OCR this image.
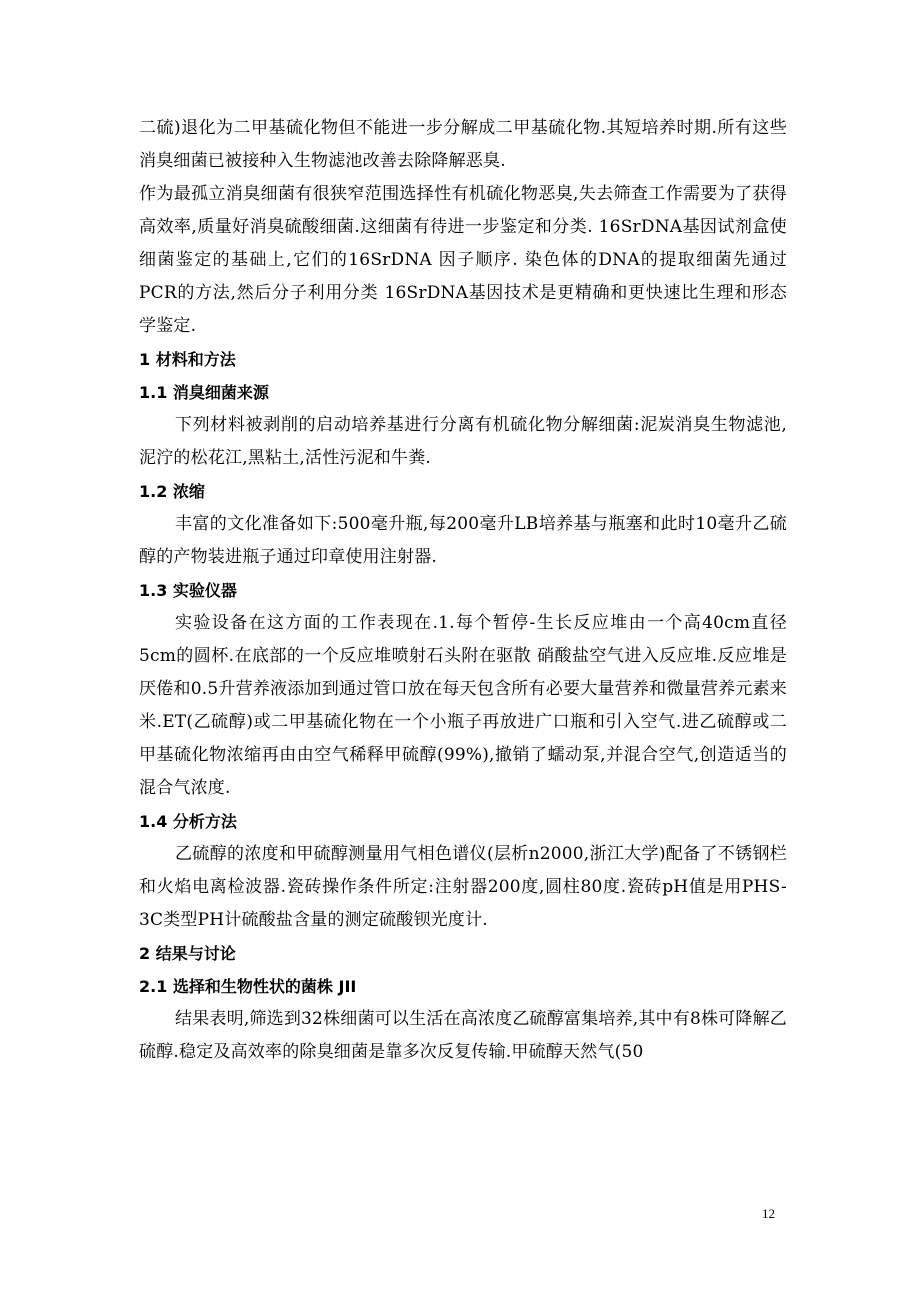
二硫)退化为二甲基硫化物但不能进一步分解成二甲基硫化物.其短培养时期.所有这些消臭细菌已被接种入生物滤池改善去除降解恶臭.

作为最孤立消臭细菌有很狭窄范围选择性有机硫化物恶臭,失去筛查工作需要为了获得高效率,质量好消臭硫酸细菌.这细菌有待进一步鉴定和分类. 16SrDNA基因试剂盒使细菌鉴定的基础上,它们的16SrDNA 因子顺序. 染色体的DNA的提取细菌先通过PCR的方法,然后分子利用分类 16SrDNA基因技术是更精确和更快速比生理和形态学鉴定.

1 材料和方法
1.1 消臭细菌来源

下列材料被剥削的启动培养基进行分离有机硫化物分解细菌:泥炭消臭生物滤池,泥泞的松花江,黑粘土,活性污泥和牛粪.

1.2 浓缩

丰富的文化准备如下:500毫升瓶,每200毫升LB培养基与瓶塞和此时10毫升乙硫醇的产物装进瓶子通过印章使用注射器.

1.3 实验仪器

实验设备在这方面的工作表现在.1.每个暂停-生长反应堆由一个高40cm直径5cm的圆杯.在底部的一个反应堆喷射石头附在驱散 硝酸盐空气进入反应堆.反应堆是厌倦和0.5升营养液添加到通过管口放在每天包含所有必要大量营养和微量营养元素来米.ET(乙硫醇)或二甲基硫化物在一个小瓶子再放进广口瓶和引入空气.进乙硫醇或二甲基硫化物浓缩再由由空气稀释甲硫醇(99%),撤销了蠕动泵,并混合空气,创造适当的混合气浓度.

1.4 分析方法

乙硫醇的浓度和甲硫醇测量用气相色谱仪(层析n2000,浙江大学)配备了不锈钢栏和火焰电离检波器.瓷砖操作条件所定:注射器200度,圆柱80度.瓷砖pH值是用PHS-3C类型PH计硫酸盐含量的测定硫酸钡光度计.

2 结果与讨论
2.1 选择和生物性状的菌株 JII

结果表明,筛选到32株细菌可以生活在高浓度乙硫醇富集培养,其中有8株可降解乙硫醇.稳定及高效率的除臭细菌是靠多次反复传输.甲硫醇天然气(50

12
